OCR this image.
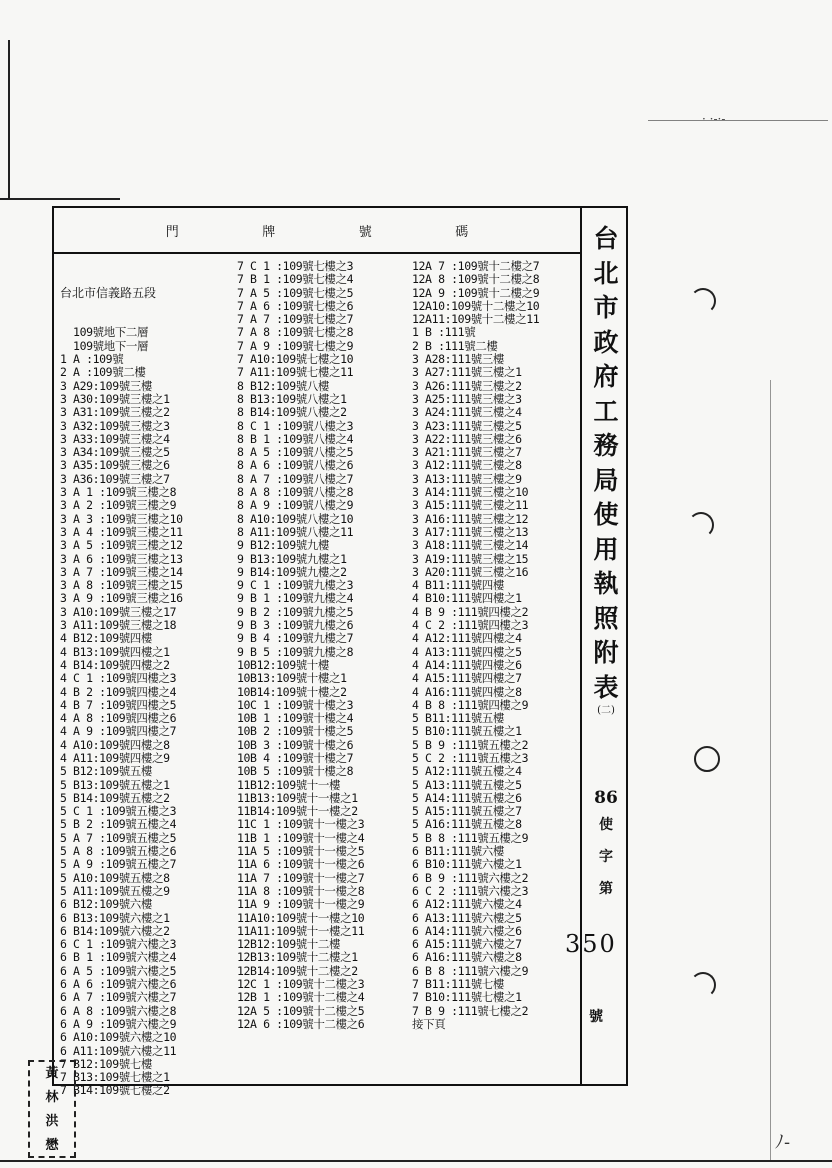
· ·-·-
門	牌	號	碼

台北市信義路五段

109號地下二層
109號地下一層
1 A :109號
2 A :109號二樓
3 A29:109號三樓
3 A30:109號三樓之1
3 A31:109號三樓之2
3 A32:109號三樓之3
3 A33:109號三樓之4
3 A34:109號三樓之5
3 A35:109號三樓之6
3 A36:109號三樓之7
3 A 1 :109號三樓之8
3 A 2 :109號三樓之9
3 A 3 :109號三樓之10
3 A 4 :109號三樓之11
3 A 5 :109號三樓之12
3 A 6 :109號三樓之13
3 A 7 :109號三樓之14
3 A 8 :109號三樓之15
3 A 9 :109號三樓之16
3 A10:109號三樓之17
3 A11:109號三樓之18
4 B12:109號四樓
4 B13:109號四樓之1
4 B14:109號四樓之2
4 C 1 :109號四樓之3
4 B 2 :109號四樓之4
4 B 7 :109號四樓之5
4 A 8 :109號四樓之6
4 A 9 :109號四樓之7
4 A10:109號四樓之8
4 A11:109號四樓之9
5 B12:109號五樓
5 B13:109號五樓之1
5 B14:109號五樓之2
5 C 1 :109號五樓之3
5 B 2 :109號五樓之4
5 A 7 :109號五樓之5
5 A 8 :109號五樓之6
5 A 9 :109號五樓之7
5 A10:109號五樓之8
5 A11:109號五樓之9
6 B12:109號六樓
6 B13:109號六樓之1
6 B14:109號六樓之2
6 C 1 :109號六樓之3
6 B 1 :109號六樓之4
6 A 5 :109號六樓之5
6 A 6 :109號六樓之6
6 A 7 :109號六樓之7
6 A 8 :109號六樓之8
6 A 9 :109號六樓之9
6 A10:109號六樓之10
6 A11:109號六樓之11
7 B12:109號七樓
7 B13:109號七樓之1
7 B14:109號七樓之2
7 C 1 :109號七樓之3
7 B 1 :109號七樓之4
7 A 5 :109號七樓之5
7 A 6 :109號七樓之6
7 A 7 :109號七樓之7
7 A 8 :109號七樓之8
7 A 9 :109號七樓之9
7 A10:109號七樓之10
7 A11:109號七樓之11
8 B12:109號八樓
8 B13:109號八樓之1
8 B14:109號八樓之2
8 C 1 :109號八樓之3
8 B 1 :109號八樓之4
8 A 5 :109號八樓之5
8 A 6 :109號八樓之6
8 A 7 :109號八樓之7
8 A 8 :109號八樓之8
8 A 9 :109號八樓之9
8 A10:109號八樓之10
8 A11:109號八樓之11
9 B12:109號九樓
9 B13:109號九樓之1
9 B14:109號九樓之2
9 C 1 :109號九樓之3
9 B 1 :109號九樓之4
9 B 2 :109號九樓之5
9 B 3 :109號九樓之6
9 B 4 :109號九樓之7
9 B 5 :109號九樓之8
10B12:109號十樓
10B13:109號十樓之1
10B14:109號十樓之2
10C 1 :109號十樓之3
10B 1 :109號十樓之4
10B 2 :109號十樓之5
10B 3 :109號十樓之6
10B 4 :109號十樓之7
10B 5 :109號十樓之8
11B12:109號十一樓
11B13:109號十一樓之1
11B14:109號十一樓之2
11C 1 :109號十一樓之3
11B 1 :109號十一樓之4
11A 5 :109號十一樓之5
11A 6 :109號十一樓之6
11A 7 :109號十一樓之7
11A 8 :109號十一樓之8
11A 9 :109號十一樓之9
11A10:109號十一樓之10
11A11:109號十一樓之11
12B12:109號十二樓
12B13:109號十二樓之1
12B14:109號十二樓之2
12C 1 :109號十二樓之3
12B 1 :109號十二樓之4
12A 5 :109號十二樓之5
12A 6 :109號十二樓之6
12A 7 :109號十二樓之7
12A 8 :109號十二樓之8
12A 9 :109號十二樓之9
12A10:109號十二樓之10
12A11:109號十二樓之11
1 B :111號
2 B :111號二樓
3 A28:111號三樓
3 A27:111號三樓之1
3 A26:111號三樓之2
3 A25:111號三樓之3
3 A24:111號三樓之4
3 A23:111號三樓之5
3 A22:111號三樓之6
3 A21:111號三樓之7
3 A12:111號三樓之8
3 A13:111號三樓之9
3 A14:111號三樓之10
3 A15:111號三樓之11
3 A16:111號三樓之12
3 A17:111號三樓之13
3 A18:111號三樓之14
3 A19:111號三樓之15
3 A20:111號三樓之16
4 B11:111號四樓
4 B10:111號四樓之1
4 B 9 :111號四樓之2
4 C 2 :111號四樓之3
4 A12:111號四樓之4
4 A13:111號四樓之5
4 A14:111號四樓之6
4 A15:111號四樓之7
4 A16:111號四樓之8
4 B 8 :111號四樓之9
5 B11:111號五樓
5 B10:111號五樓之1
5 B 9 :111號五樓之2
5 C 2 :111號五樓之3
5 A12:111號五樓之4
5 A13:111號五樓之5
5 A14:111號五樓之6
5 A15:111號五樓之7
5 A16:111號五樓之8
5 B 8 :111號五樓之9
6 B11:111號六樓
6 B10:111號六樓之1
6 B 9 :111號六樓之2
6 C 2 :111號六樓之3
6 A12:111號六樓之4
6 A13:111號六樓之5
6 A14:111號六樓之6
6 A15:111號六樓之7
6 A16:111號六樓之8
6 B 8 :111號六樓之9
7 B11:111號七樓
7 B10:111號七樓之1
7 B 9 :111號七樓之2
接下頁
台
北
市
政
府
工
務
局
使
用
執
照
附
表
(二)
86
使
字
第
350
號
黃
林
洪
懋	ﾉ-
